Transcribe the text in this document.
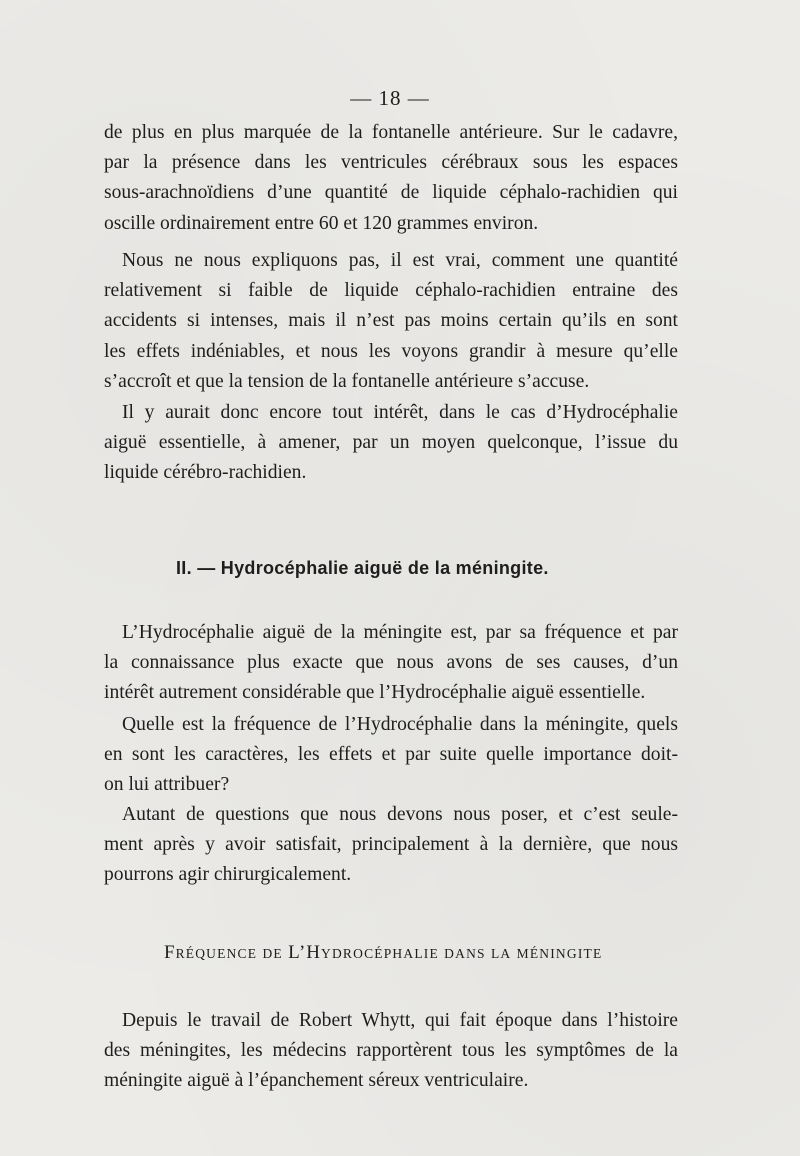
— 18 —

de plus en plus marquée de la fontanelle antérieure. Sur le cadavre,
par la présence dans les ventricules cérébraux sous les espaces
sous-arachnoïdiens d’une quantité de liquide céphalo-rachidien qui
oscille ordinairement entre 60 et 120 grammes environ.

Nous ne nous expliquons pas, il est vrai, comment une quantité
relativement si faible de liquide céphalo-rachidien entraine des
accidents si intenses, mais il n’est pas moins certain qu’ils en sont
les effets indéniables, et nous les voyons grandir à mesure qu’elle
s’accroît et que la tension de la fontanelle antérieure s’accuse.

Il y aurait donc encore tout intérêt, dans le cas d’Hydrocéphalie
aiguë essentielle, à amener, par un moyen quelconque, l’issue du
liquide cérébro-rachidien.

II. — Hydrocéphalie aiguë de la méningite.

L’Hydrocéphalie aiguë de la méningite est, par sa fréquence et par
la connaissance plus exacte que nous avons de ses causes, d’un
intérêt autrement considérable que l’Hydrocéphalie aiguë essentielle.

Quelle est la fréquence de l’Hydrocéphalie dans la méningite, quels
en sont les caractères, les effets et par suite quelle importance doit-
on lui attribuer?

Autant de questions que nous devons nous poser, et c’est seule-
ment après y avoir satisfait, principalement à la dernière, que nous
pourrons agir chirurgicalement.

FRÉQUENCE DE L’HYDROCÉPHALIE DANS LA MÉNINGITE

Depuis le travail de Robert Whytt, qui fait époque dans l’histoire
des méningites, les médecins rapportèrent tous les symptômes de la
méningite aiguë à l’épanchement séreux ventriculaire.
